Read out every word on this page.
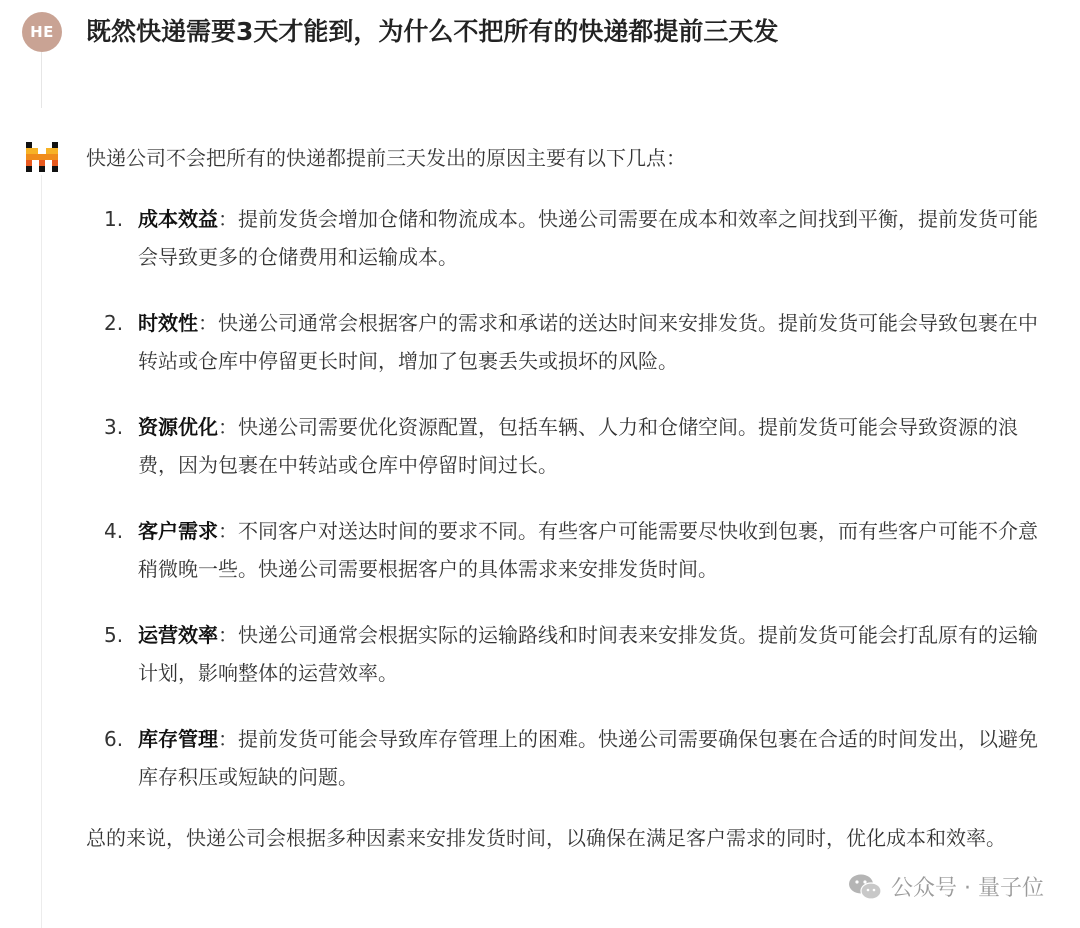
HE	既然快递需要3天才能到，为什么不把所有的快递都提前三天发

快递公司不会把所有的快递都提前三天发出的原因主要有以下几点：

1. 成本效益：提前发货会增加仓储和物流成本。快递公司需要在成本和效率之间找到平衡，提前发货可能会导致更多的仓储费用和运输成本。
2. 时效性：快递公司通常会根据客户的需求和承诺的送达时间来安排发货。提前发货可能会导致包裹在中转站或仓库中停留更长时间，增加了包裹丢失或损坏的风险。
3. 资源优化：快递公司需要优化资源配置，包括车辆、人力和仓储空间。提前发货可能会导致资源的浪费，因为包裹在中转站或仓库中停留时间过长。
4. 客户需求：不同客户对送达时间的要求不同。有些客户可能需要尽快收到包裹，而有些客户可能不介意稍微晚一些。快递公司需要根据客户的具体需求来安排发货时间。
5. 运营效率：快递公司通常会根据实际的运输路线和时间表来安排发货。提前发货可能会打乱原有的运输计划，影响整体的运营效率。
6. 库存管理：提前发货可能会导致库存管理上的困难。快递公司需要确保包裹在合适的时间发出，以避免库存积压或短缺的问题。

总的来说，快递公司会根据多种因素来安排发货时间，以确保在满足客户需求的同时，优化成本和效率。

公众号 · 量子位
